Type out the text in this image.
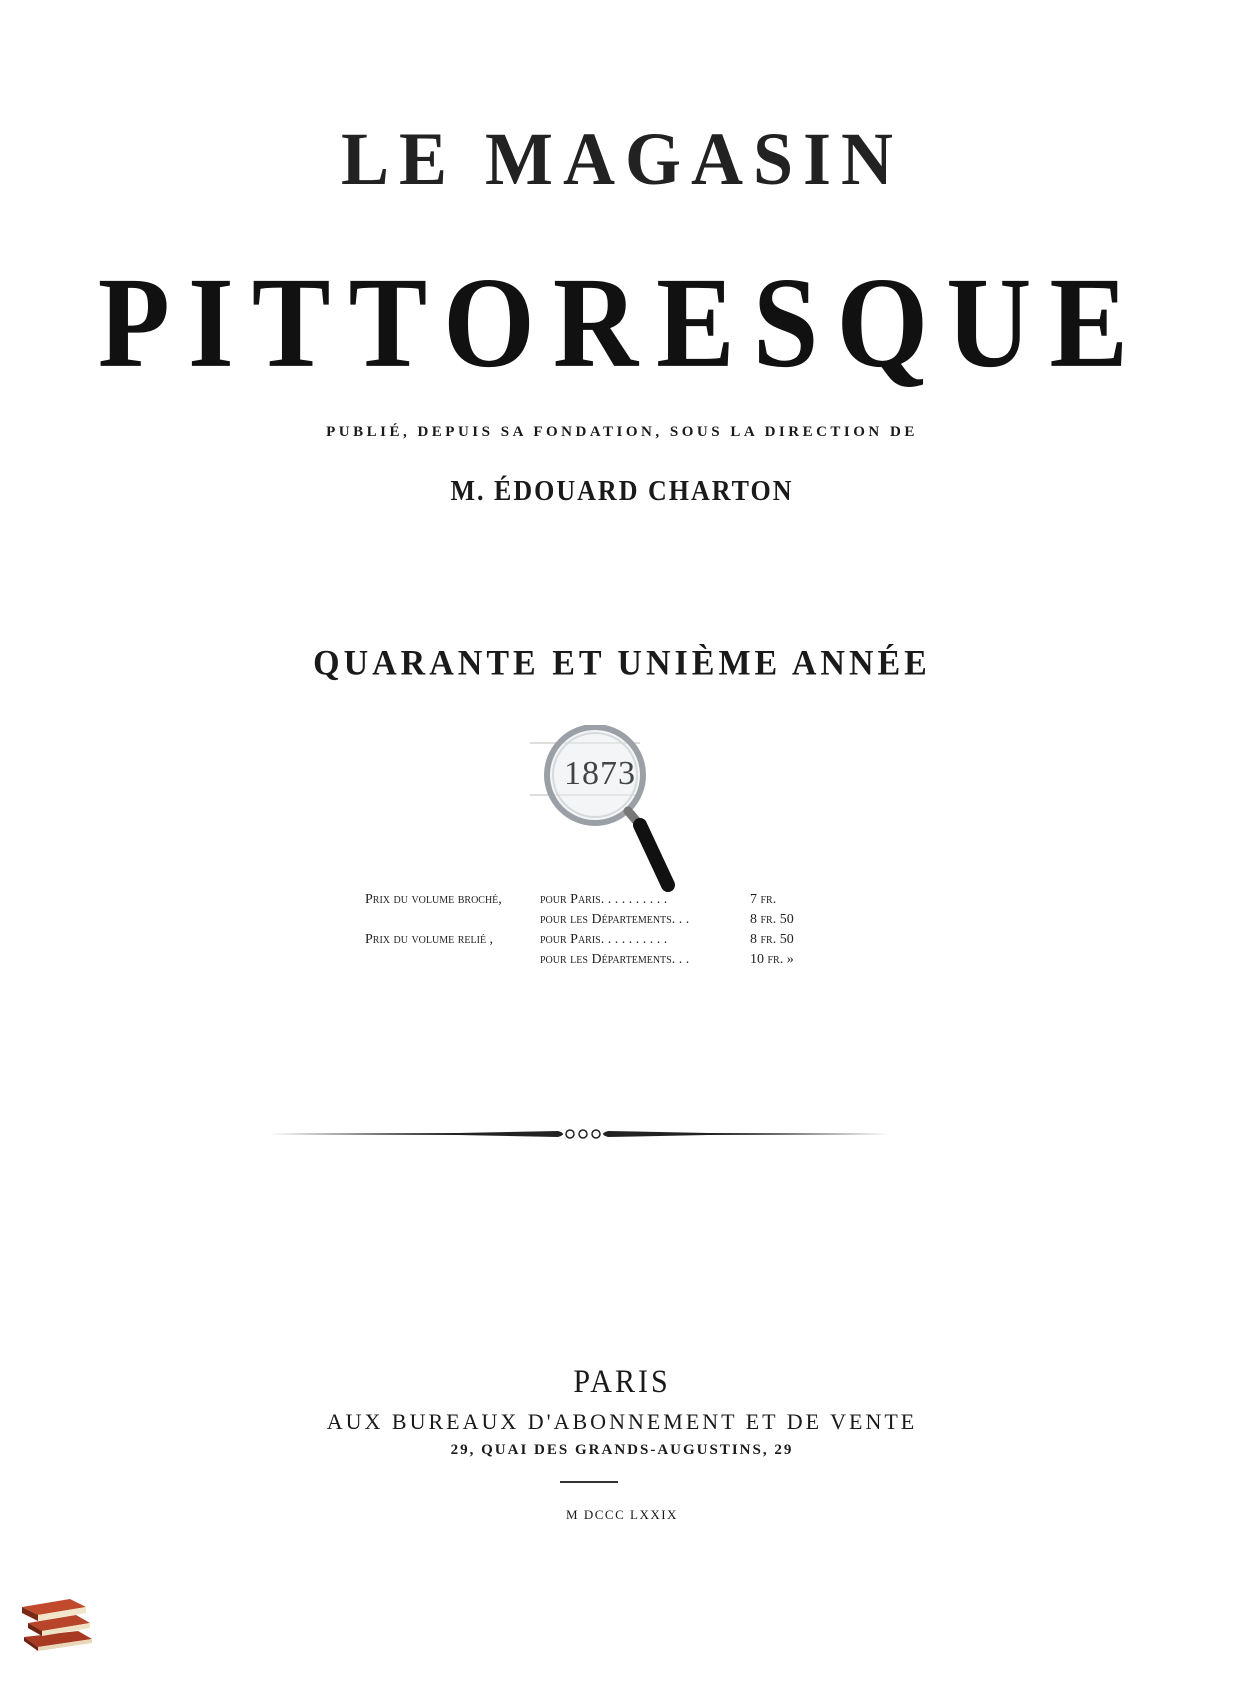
LE MAGASIN
PITTORESQUE
PUBLIÉ, DEPUIS SA FONDATION, SOUS LA DIRECTION DE
M. ÉDOUARD CHARTON
QUARANTE ET UNIÈME ANNÉE
1873
Prix du volume broché,	pour Paris. . . . . . . . . .	7 fr.
pour les Départements. . .	8 fr. 50
Prix du volume relié ,	pour Paris. . . . . . . . . .	8 fr. 50
pour les Départements. . .	10 fr. »
PARIS
AUX BUREAUX D'ABONNEMENT ET DE VENTE
29, QUAI DES GRANDS-AUGUSTINS, 29
M DCCC LXXIX
